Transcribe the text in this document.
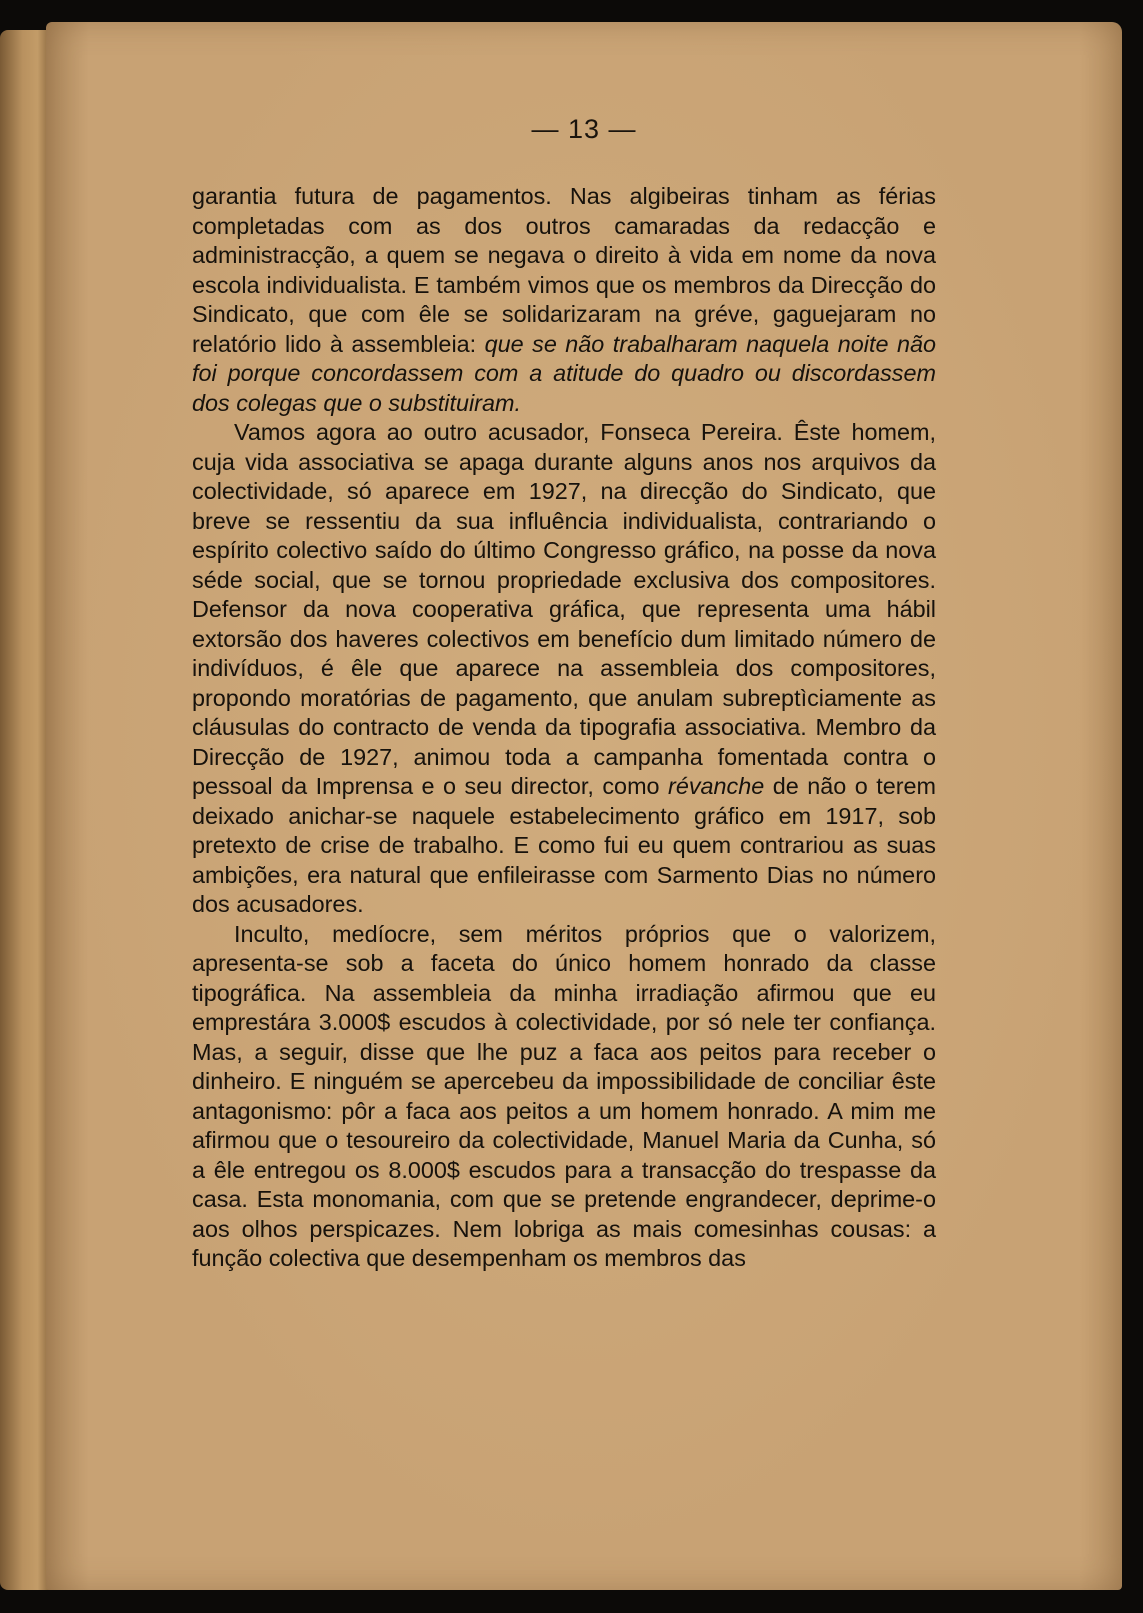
— 13 —

garantia futura de pagamentos. Nas algibeiras tinham as férias completadas com as dos outros camaradas da redacção e administracção, a quem se negava o direito à vida em nome da nova escola individualista. E também vimos que os membros da Direcção do Sindicato, que com êle se solidarizaram na gréve, gaguejaram no relatório lido à assembleia: que se não trabalharam naquela noite não foi porque concordassem com a atitude do quadro ou discordassem dos colegas que o substituiram.

Vamos agora ao outro acusador, Fonseca Pereira. Êste homem, cuja vida associativa se apaga durante alguns anos nos arquivos da colectividade, só aparece em 1927, na direcção do Sindicato, que breve se ressentiu da sua influência individualista, contrariando o espírito colectivo saído do último Congresso gráfico, na posse da nova séde social, que se tornou propriedade exclusiva dos compositores. Defensor da nova cooperativa gráfica, que representa uma hábil extorsão dos haveres colectivos em benefício dum limitado número de indivíduos, é êle que aparece na assembleia dos compositores, propondo moratórias de pagamento, que anulam subreptìciamente as cláusulas do contracto de venda da tipografia associativa. Membro da Direcção de 1927, animou toda a campanha fomentada contra o pessoal da Imprensa e o seu director, como révanche de não o terem deixado anichar-se naquele estabelecimento gráfico em 1917, sob pretexto de crise de trabalho. E como fui eu quem contrariou as suas ambições, era natural que enfileirasse com Sarmento Dias no número dos acusadores.

Inculto, medíocre, sem méritos próprios que o valorizem, apresenta-se sob a faceta do único homem honrado da classe tipográfica. Na assembleia da minha irradiação afirmou que eu emprestára 3.000$ escudos à colectividade, por só nele ter confiança. Mas, a seguir, disse que lhe puz a faca aos peitos para receber o dinheiro. E ninguém se apercebeu da impossibilidade de conciliar êste antagonismo: pôr a faca aos peitos a um homem honrado. A mim me afirmou que o tesoureiro da colectividade, Manuel Maria da Cunha, só a êle entregou os 8.000$ escudos para a transacção do trespasse da casa. Esta monomania, com que se pretende engrandecer, deprime-o aos olhos perspicazes. Nem lobriga as mais comesinhas cousas: a função colectiva que desempenham os membros das
